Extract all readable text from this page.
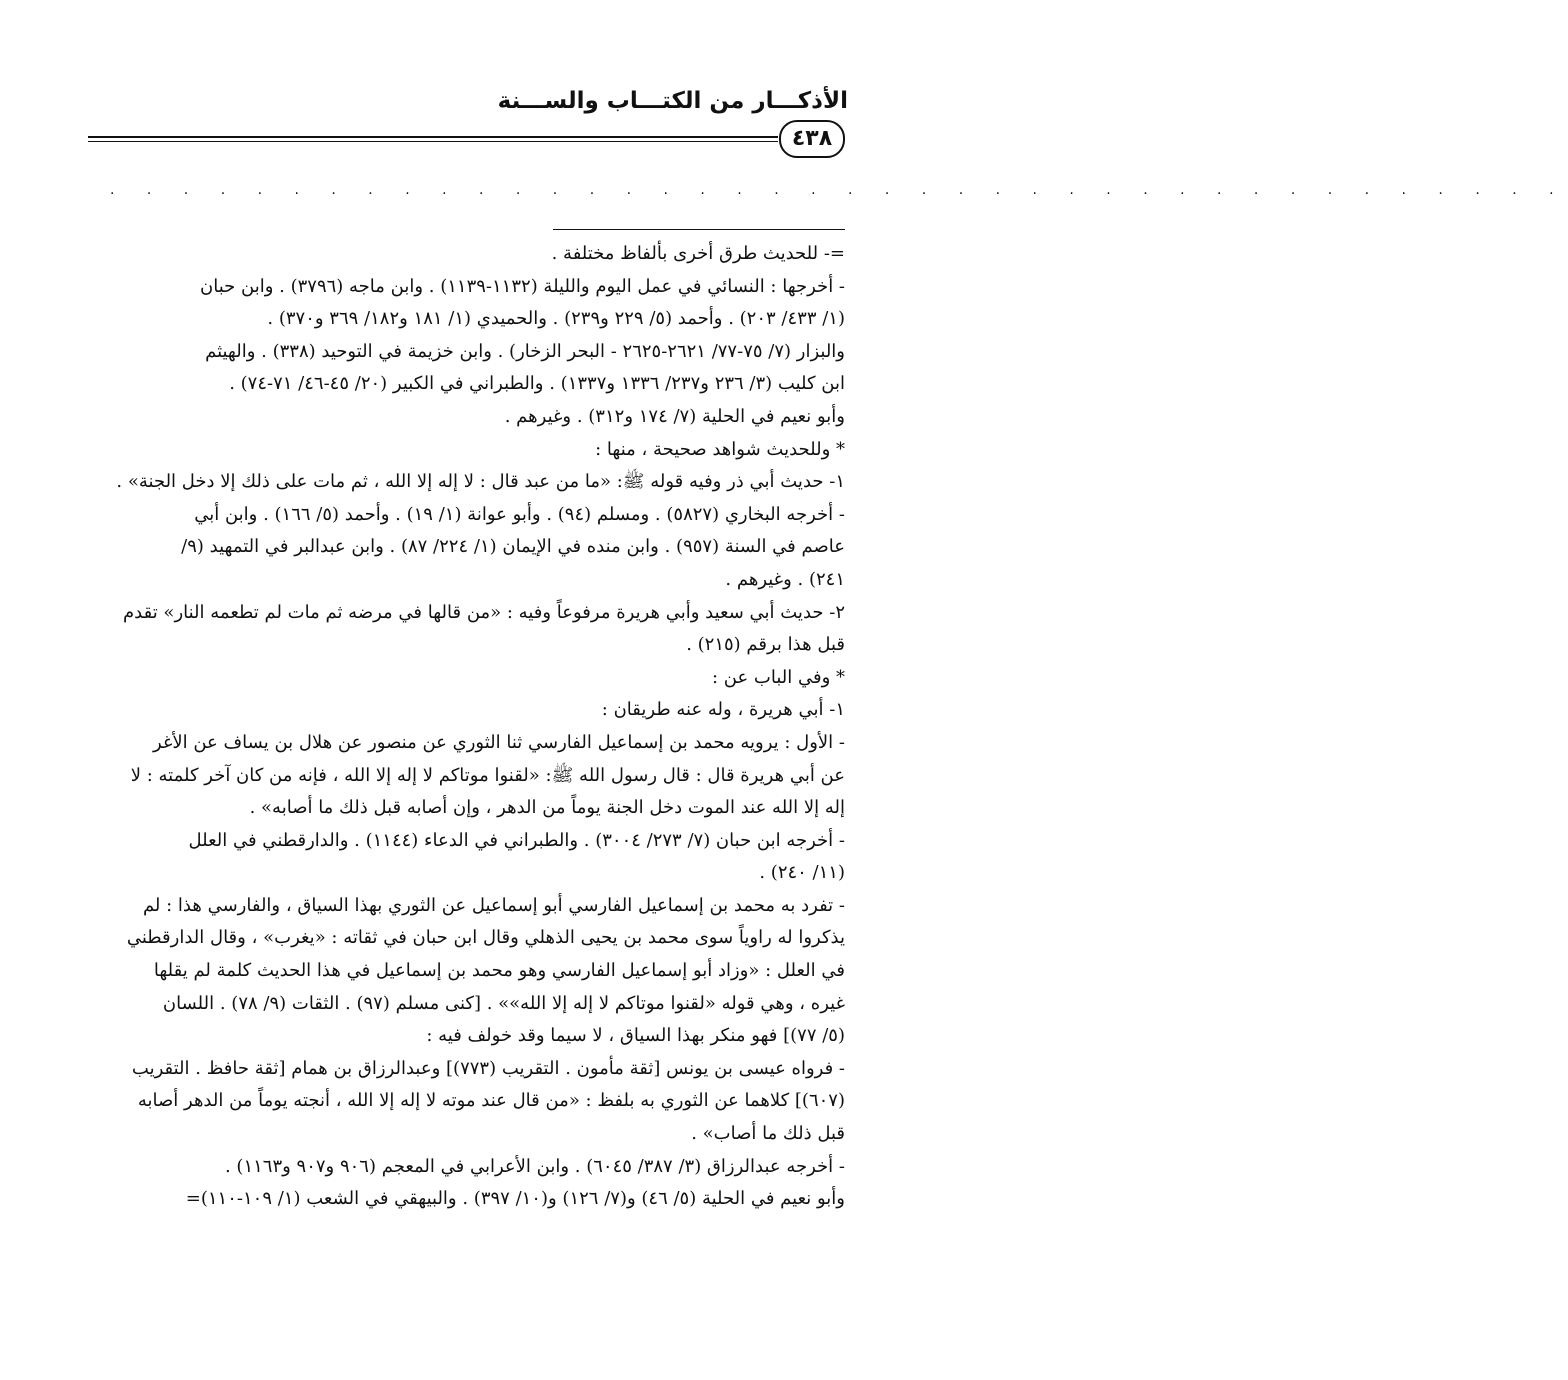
الأذكـــار من الكتـــاب والســـنة
٤٣٨
. . . . . . . . . . . . . . . . . . . . . . . . . . . . . . . . . . . . . . . .

=- للحديث طرق أخرى بألفاظ مختلفة .

- أخرجها : النسائي في عمل اليوم والليلة (١١٣٢-١١٣٩) . وابن ماجه (٣٧٩٦) . وابن حبان

(١/ ٤٣٣/ ٢٠٣) . وأحمد (٥/ ٢٢٩ و٢٣٩) . والحميدي (١/ ١٨١ و١٨٢/ ٣٦٩ و٣٧٠) .

والبزار (٧/ ٧٥-٧٧/ ٢٦٢١-٢٦٢٥ - البحر الزخار) . وابن خزيمة في التوحيد (٣٣٨) . والهيثم

ابن كليب (٣/ ٢٣٦ و٢٣٧/ ١٣٣٦ و١٣٣٧) . والطبراني في الكبير (٢٠/ ٤٥-٤٦/ ٧١-٧٤) .

وأبو نعيم في الحلية (٧/ ١٧٤ و٣١٢) . وغيرهم .

* وللحديث شواهد صحيحة ، منها :

١- حديث أبي ذر وفيه قوله ﷺ: «ما من عبد قال : لا إله إلا الله ، ثم مات على ذلك إلا دخل الجنة» .

- أخرجه البخاري (٥٨٢٧) . ومسلم (٩٤) . وأبو عوانة (١/ ١٩) . وأحمد (٥/ ١٦٦) . وابن أبي

عاصم في السنة (٩٥٧) . وابن منده في الإيمان (١/ ٢٢٤/ ٨٧) . وابن عبدالبر في التمهيد (٩/

٢٤١) . وغيرهم .

٢- حديث أبي سعيد وأبي هريرة مرفوعاً وفيه : «من قالها في مرضه ثم مات لم تطعمه النار» تقدم

قبل هذا برقم (٢١٥) .

* وفي الباب عن :

١- أبي هريرة ، وله عنه طريقان :

- الأول : يرويه محمد بن إسماعيل الفارسي ثنا الثوري عن منصور عن هلال بن يساف عن الأغر

عن أبي هريرة قال : قال رسول الله ﷺ: «لقنوا موتاكم لا إله إلا الله ، فإنه من كان آخر كلمته : لا

إله إلا الله عند الموت دخل الجنة يوماً من الدهر ، وإن أصابه قبل ذلك ما أصابه» .

- أخرجه ابن حبان (٧/ ٢٧٣/ ٣٠٠٤) . والطبراني في الدعاء (١١٤٤) . والدارقطني في العلل

(١١/ ٢٤٠) .

- تفرد به محمد بن إسماعيل الفارسي أبو إسماعيل عن الثوري بهذا السياق ، والفارسي هذا : لم

يذكروا له راوياً سوى محمد بن يحيى الذهلي وقال ابن حبان في ثقاته : «يغرب» ، وقال الدارقطني

في العلل : «وزاد أبو إسماعيل الفارسي وهو محمد بن إسماعيل في هذا الحديث كلمة لم يقلها

غيره ، وهي قوله «لقنوا موتاكم لا إله إلا الله»» . [كنى مسلم (٩٧) . الثقات (٩/ ٧٨) . اللسان

(٥/ ٧٧)] فهو منكر بهذا السياق ، لا سيما وقد خولف فيه :

- فرواه عيسى بن يونس [ثقة مأمون . التقريب (٧٧٣)] وعبدالرزاق بن همام [ثقة حافظ . التقريب

(٦٠٧)] كلاهما عن الثوري به بلفظ : «من قال عند موته لا إله إلا الله ، أنجته يوماً من الدهر أصابه

قبل ذلك ما أصاب» .

- أخرجه عبدالرزاق (٣/ ٣٨٧/ ٦٠٤٥) . وابن الأعرابي في المعجم (٩٠٦ و٩٠٧ و١١٦٣) .

وأبو نعيم في الحلية (٥/ ٤٦) و(٧/ ١٢٦) و(١٠/ ٣٩٧) . والبيهقي في الشعب (١/ ١٠٩-١١٠)=
